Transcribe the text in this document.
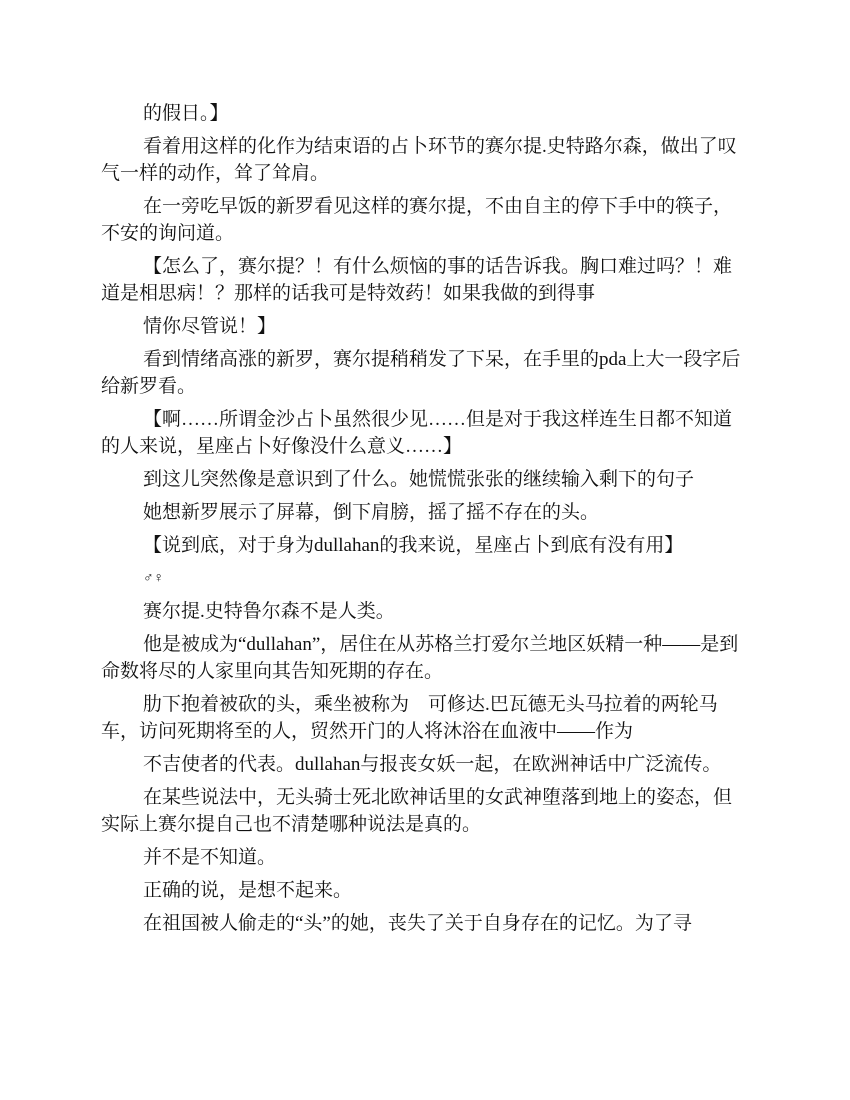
的假日。】

看着用这样的化作为结束语的占卜环节的赛尔提.史特路尔森，做出了叹气一样的动作，耸了耸肩。

在一旁吃早饭的新罗看见这样的赛尔提，不由自主的停下手中的筷子，不安的询问道。

【怎么了，赛尔提？！有什么烦恼的事的话告诉我。胸口难过吗？！难道是相思病！？那样的话我可是特效药！如果我做的到得事

情你尽管说！】

看到情绪高涨的新罗，赛尔提稍稍发了下呆，在手里的pda上大一段字后给新罗看。

【啊……所谓金沙占卜虽然很少见……但是对于我这样连生日都不知道的人来说，星座占卜好像没什么意义……】

到这儿突然像是意识到了什么。她慌慌张张的继续输入剩下的句子

她想新罗展示了屏幕，倒下肩膀，摇了摇不存在的头。

【说到底，对于身为dullahan的我来说，星座占卜到底有没有用】

♂♀

赛尔提.史特鲁尔森不是人类。

他是被成为“dullahan”，居住在从苏格兰打爱尔兰地区妖精一种——是到命数将尽的人家里向其告知死期的存在。

肋下抱着被砍的头，乘坐被称为　可修达.巴瓦德无头马拉着的两轮马车，访问死期将至的人，贸然开门的人将沐浴在血液中——作为

不吉使者的代表。dullahan与报丧女妖一起，在欧洲神话中广泛流传。

在某些说法中，无头骑士死北欧神话里的女武神堕落到地上的姿态，但实际上赛尔提自己也不清楚哪种说法是真的。

并不是不知道。

正确的说，是想不起来。

在祖国被人偷走的“头”的她，丧失了关于自身存在的记忆。为了寻
